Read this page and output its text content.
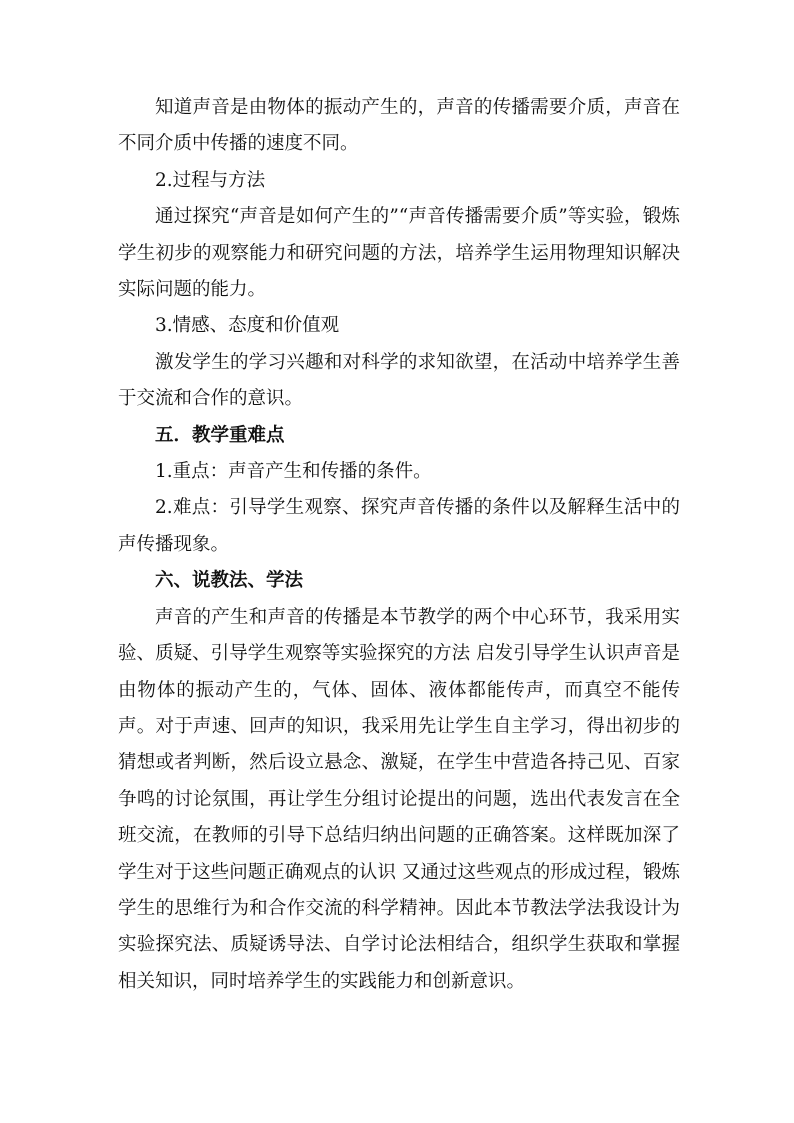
知道声音是由物体的振动产生的，声音的传播需要介质，声音在不同介质中传播的速度不同。

2.过程与方法

通过探究“声音是如何产生的”“声音传播需要介质”等实验，锻炼学生初步的观察能力和研究问题的方法，培养学生运用物理知识解决实际问题的能力。

3.情感、态度和价值观

激发学生的学习兴趣和对科学的求知欲望，在活动中培养学生善于交流和合作的意识。

五．教学重难点

1.重点：声音产生和传播的条件。

2.难点：引导学生观察、探究声音传播的条件以及解释生活中的声传播现象。

六、说教法、学法

声音的产生和声音的传播是本节教学的两个中心环节，我采用实验、质疑、引导学生观察等实验探究的方法 启发引导学生认识声音是由物体的振动产生的，气体、固体、液体都能传声，而真空不能传声。对于声速、回声的知识，我采用先让学生自主学习，得出初步的猜想或者判断，然后设立悬念、激疑，在学生中营造各持己见、百家争鸣的讨论氛围，再让学生分组讨论提出的问题，选出代表发言在全班交流，在教师的引导下总结归纳出问题的正确答案。这样既加深了学生对于这些问题正确观点的认识 又通过这些观点的形成过程，锻炼学生的思维行为和合作交流的科学精神。因此本节教法学法我设计为实验探究法、质疑诱导法、自学讨论法相结合，组织学生获取和掌握相关知识，同时培养学生的实践能力和创新意识。
